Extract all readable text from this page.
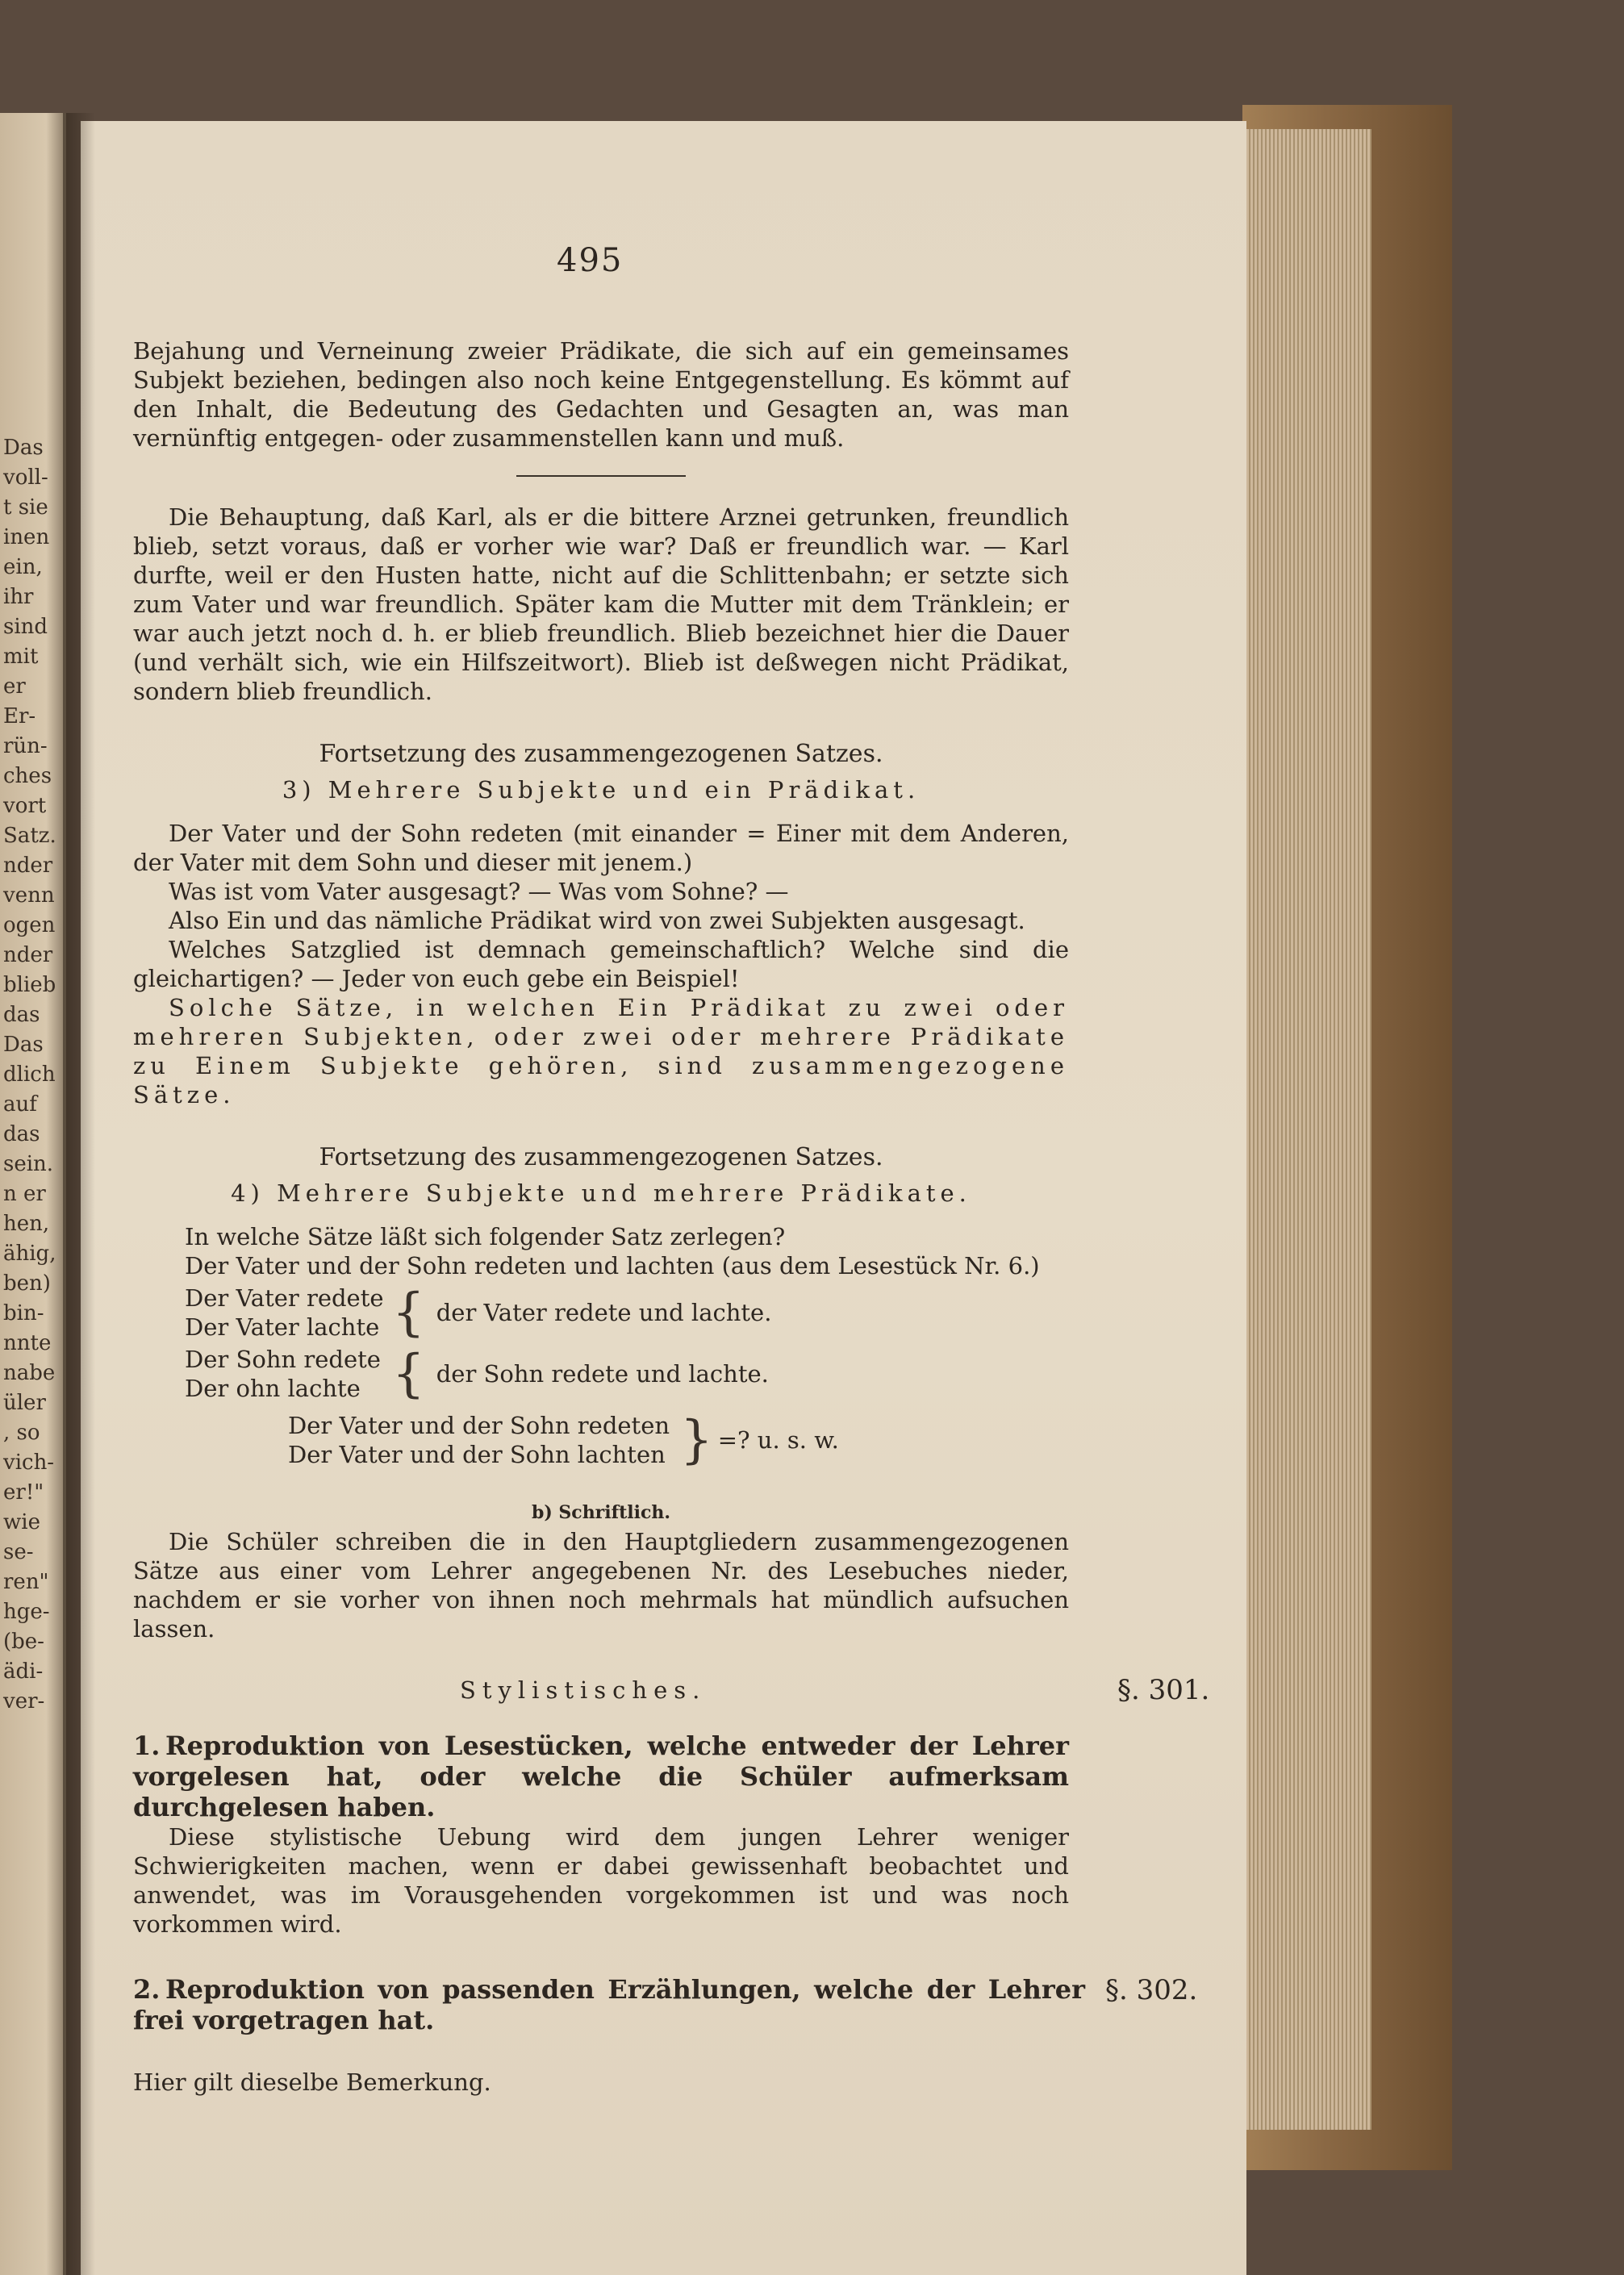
Das
voll-
t sie
inen
ein,
ihr
sind
mit
er
Er-
rün-
ches
vort
Satz.
nder
venn
ogen
nder
blieb
das
Das
dlich
auf
das
sein.
n er
hen,
ähig,
ben)
bin-
nnte
nabe
üler
, so
vich-
er!"
wie
se-
ren"
hge-
(be-
ädi-
ver-
495

Bejahung und Verneinung zweier Prädikate, die sich auf ein gemeinsames Subjekt beziehen, bedingen also noch keine Entgegenstellung. Es kömmt auf den Inhalt, die Bedeutung des Gedachten und Gesagten an, was man vernünftig entgegen- oder zusammenstellen kann und muß.

Die Behauptung, daß Karl, als er die bittere Arznei getrunken, freundlich blieb, setzt voraus, daß er vorher wie war? Daß er freundlich war. — Karl durfte, weil er den Husten hatte, nicht auf die Schlittenbahn; er setzte sich zum Vater und war freundlich. Später kam die Mutter mit dem Tränklein; er war auch jetzt noch d. h. er blieb freundlich. Blieb bezeichnet hier die Dauer (und verhält sich, wie ein Hilfszeitwort). Blieb ist deßwegen nicht Prädikat, sondern blieb freundlich.

Fortsetzung des zusammengezogenen Satzes.

3) Mehrere Subjekte und ein Prädikat.

Der Vater und der Sohn redeten (mit einander = Einer mit dem Anderen, der Vater mit dem Sohn und dieser mit jenem.)

Was ist vom Vater ausgesagt? — Was vom Sohne? —

Also Ein und das nämliche Prädikat wird von zwei Subjekten ausgesagt.

Welches Satzglied ist demnach gemeinschaftlich? Welche sind die gleichartigen? — Jeder von euch gebe ein Beispiel!

Solche Sätze, in welchen Ein Prädikat zu zwei oder mehreren Subjekten, oder zwei oder mehrere Prädikate zu Einem Subjekte gehören, sind zusammengezogene Sätze.

Fortsetzung des zusammengezogenen Satzes.

4) Mehrere Subjekte und mehrere Prädikate.

In welche Sätze läßt sich folgender Satz zerlegen?

Der Vater und der Sohn redeten und lachten (aus dem Lesestück Nr. 6.)

Der Vater redete
Der Vater lachte { der Vater redete und lachte.
Der Sohn redete
Der ohn lachte { der Sohn redete und lachte.
Der Vater und der Sohn redeten
Der Vater und der Sohn lachten } =? u. s. w.

b) Schriftlich.

Die Schüler schreiben die in den Hauptgliedern zusammengezogenen Sätze aus einer vom Lehrer angegebenen Nr. des Lesebuches nieder, nachdem er sie vorher von ihnen noch mehrmals hat mündlich aufsuchen lassen.

Stylistisches.	§. 301.

1. Reproduktion von Lesestücken, welche entweder der Lehrer vorgelesen hat, oder welche die Schüler aufmerksam durchgelesen haben.

Diese stylistische Uebung wird dem jungen Lehrer weniger Schwierigkeiten machen, wenn er dabei gewissenhaft beobachtet und anwendet, was im Vorausgehenden vorgekommen ist und was noch vorkommen wird.

2. Reproduktion von passenden Erzählungen, welche der Lehrer frei vorgetragen hat.

§. 302.

Hier gilt dieselbe Bemerkung.
